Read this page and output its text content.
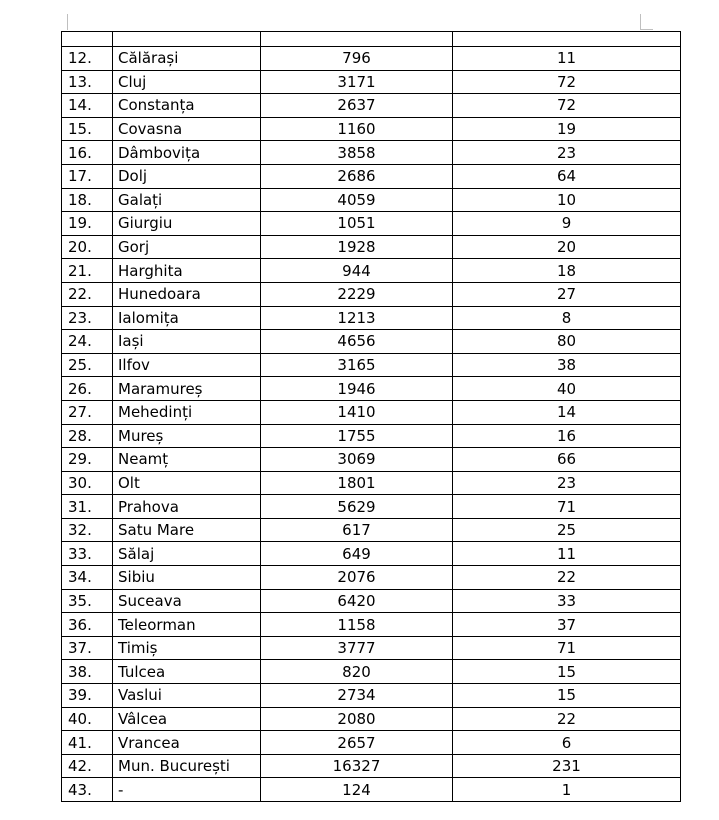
12.	Călărași	796	11
13.	Cluj	3171	72
14.	Constanța	2637	72
15.	Covasna	1160	19
16.	Dâmbovița	3858	23
17.	Dolj	2686	64
18.	Galați	4059	10
19.	Giurgiu	1051	9
20.	Gorj	1928	20
21.	Harghita	944	18
22.	Hunedoara	2229	27
23.	Ialomița	1213	8
24.	Iași	4656	80
25.	Ilfov	3165	38
26.	Maramureș	1946	40
27.	Mehedinți	1410	14
28.	Mureș	1755	16
29.	Neamț	3069	66
30.	Olt	1801	23
31.	Prahova	5629	71
32.	Satu Mare	617	25
33.	Sălaj	649	11
34.	Sibiu	2076	22
35.	Suceava	6420	33
36.	Teleorman	1158	37
37.	Timiș	3777	71
38.	Tulcea	820	15
39.	Vaslui	2734	15
40.	Vâlcea	2080	22
41.	Vrancea	2657	6
42.	Mun. București	16327	231
43.	-	124	1
